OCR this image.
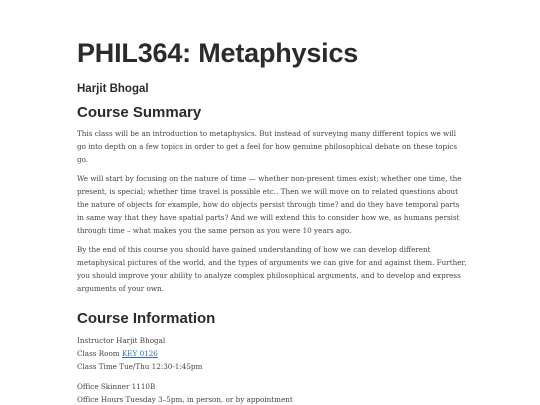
PHIL364: Metaphysics
Harjit Bhogal
Course Summary

This class will be an introduction to metaphysics. But instead of surveying many different topics we will go into depth on a few topics in order to get a feel for how genuine philosophical debate on these topics go.

We will start by focusing on the nature of time — whether non-present times exist; whether one time, the present, is special; whether time travel is possible etc.. Then we will move on to related questions about the nature of objects for example, how do objects persist through time? and do they have temporal parts in same way that they have spatial parts? And we will extend this to consider how we, as humans persist through time – what makes you the same person as you were 10 years ago.

By the end of this course you should have gained understanding of how we can develop different metaphysical pictures of the world, and the types of arguments we can give for and against them. Further, you should improve your ability to analyze complex philosophical arguments, and to develop and express arguments of your own.

Course Information
Instructor Harjit Bhogal
Class Room KEY 0126
Class Time Tue/Thu 12:30-1:45pm
Office Skinner 1110B
Office Hours Tuesday 3–5pm, in person, or by appointment
